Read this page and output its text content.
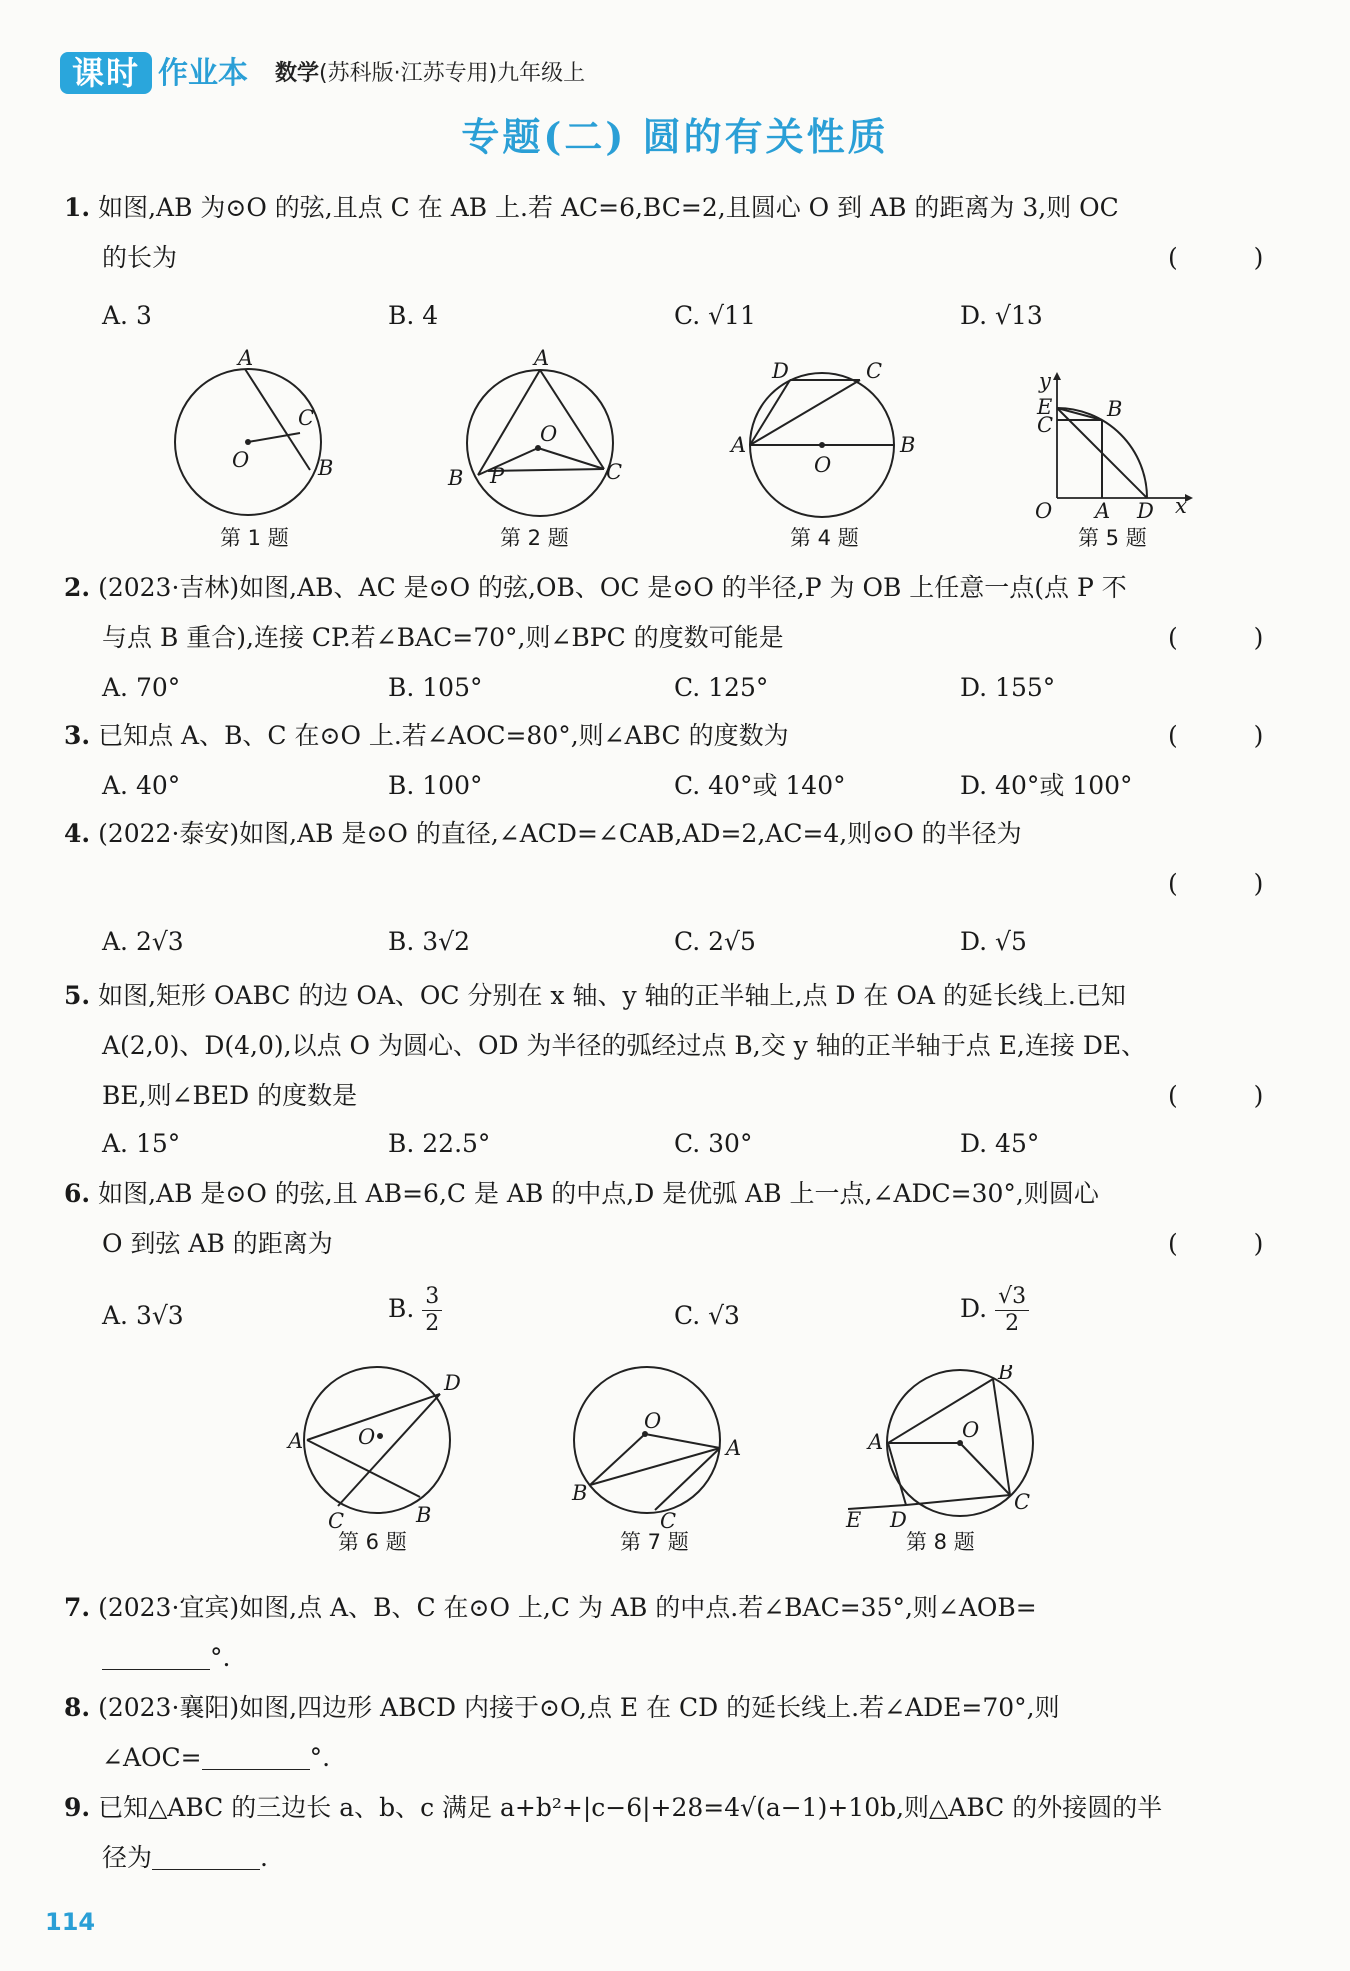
课时 作业本 数学(苏科版·江苏专用)九年级上
专题(二) 圆的有关性质
1. 如图,AB 为⊙O 的弦,且点 C 在 AB 上.若 AC=6,BC=2,且圆心 O 到 AB 的距离为 3,则 OC
的长为	(  )
A. 3	B. 4	C. √11	D. √13
A
C
B
O
第 1 题
A
O
B P	C
第 2 题
D	C
A	B
O
第 4 题
y
E
C
B
O A D x
第 5 题
2. (2023·吉林)如图,AB、AC 是⊙O 的弦,OB、OC 是⊙O 的半径,P 为 OB 上任意一点(点 P 不
与点 B 重合),连接 CP.若∠BAC=70°,则∠BPC 的度数可能是	(  )
A. 70°	B. 105°	C. 125°	D. 155°
3. 已知点 A、B、C 在⊙O 上.若∠AOC=80°,则∠ABC 的度数为	(  )
A. 40°	B. 100°	C. 40°或 140°	D. 40°或 100°
4. (2022·泰安)如图,AB 是⊙O 的直径,∠ACD=∠CAB,AD=2,AC=4,则⊙O 的半径为
(  )
A. 2√3	B. 3√2	C. 2√5	D. √5
5. 如图,矩形 OABC 的边 OA、OC 分别在 x 轴、y 轴的正半轴上,点 D 在 OA 的延长线上.已知
A(2,0)、D(4,0),以点 O 为圆心、OD 为半径的弧经过点 B,交 y 轴的正半轴于点 E,连接 DE、
BE,则∠BED 的度数是	(  )
A. 15°	B. 22.5°	C. 30°	D. 45°
6. 如图,AB 是⊙O 的弦,且 AB=6,C 是 AB 的中点,D 是优弧 AB 上一点,∠ADC=30°,则圆心
O 到弦 AB 的距离为	(  )
A. 3√3	B. $\frac{3}{2}$	C. √3	D. $\frac{√3}{2}$
D
A	O
C	B
第 6 题
O
A
B
C
第 7 题
B
A	O
E D
C
第 8 题
7. (2023·宜宾)如图,点 A、B、C 在⊙O 上,C 为 AB 的中点.若∠BAC=35°,则∠AOB=
°.
8. (2023·襄阳)如图,四边形 ABCD 内接于⊙O,点 E 在 CD 的延长线上.若∠ADE=70°,则
∠AOC=	°.
9. 已知△ABC 的三边长 a、b、c 满足 a+b²+|c−6|+28=4√(a−1)+10b,则△ABC 的外接圆的半
径为	.
114
